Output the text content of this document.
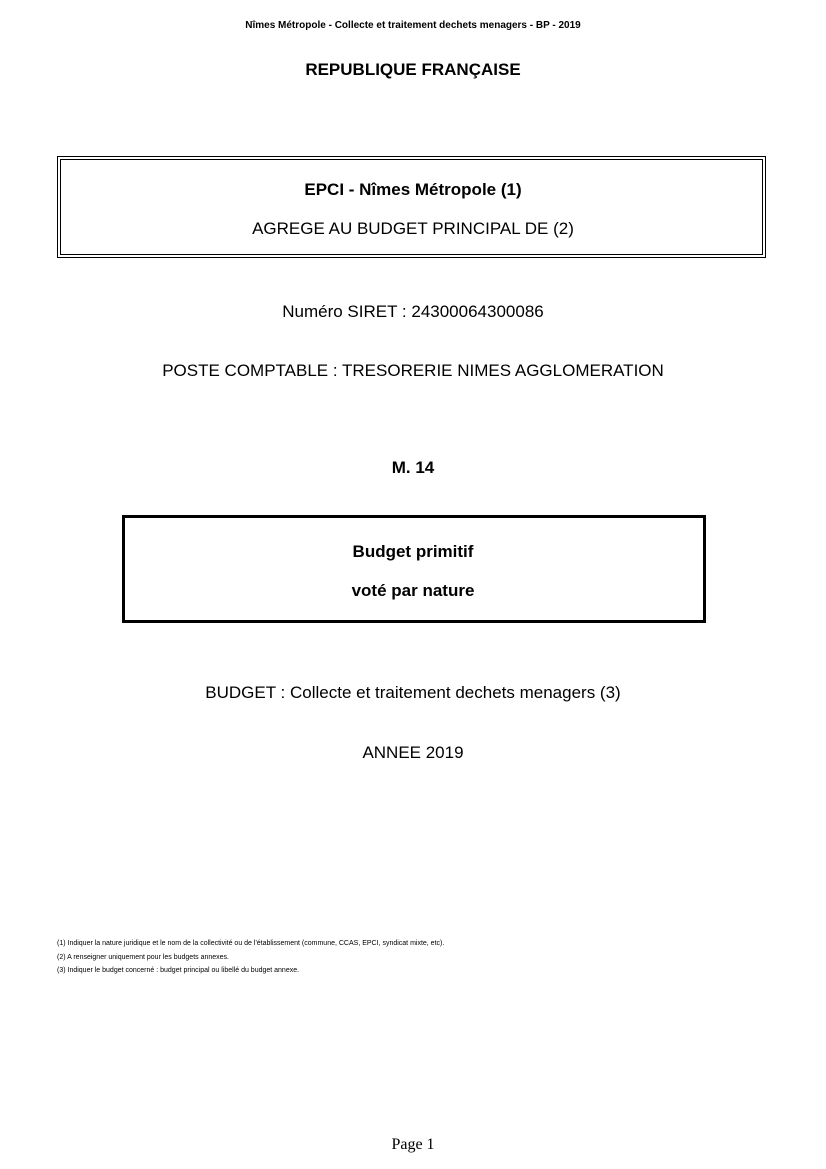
Nîmes Métropole - Collecte et traitement dechets menagers - BP - 2019
REPUBLIQUE FRANÇAISE
EPCI - Nîmes Métropole (1)
AGREGE AU BUDGET PRINCIPAL DE (2)
Numéro SIRET : 24300064300086
POSTE COMPTABLE : TRESORERIE NIMES AGGLOMERATION
M. 14
Budget primitif
voté par nature
BUDGET : Collecte et traitement dechets menagers (3)
ANNEE 2019
(1) Indiquer la nature juridique et le nom de la collectivité ou de l'établissement (commune, CCAS, EPCI, syndicat mixte, etc).
(2) A renseigner uniquement pour les budgets annexes.
(3) Indiquer le budget concerné : budget principal ou libellé du budget annexe.
Page 1
